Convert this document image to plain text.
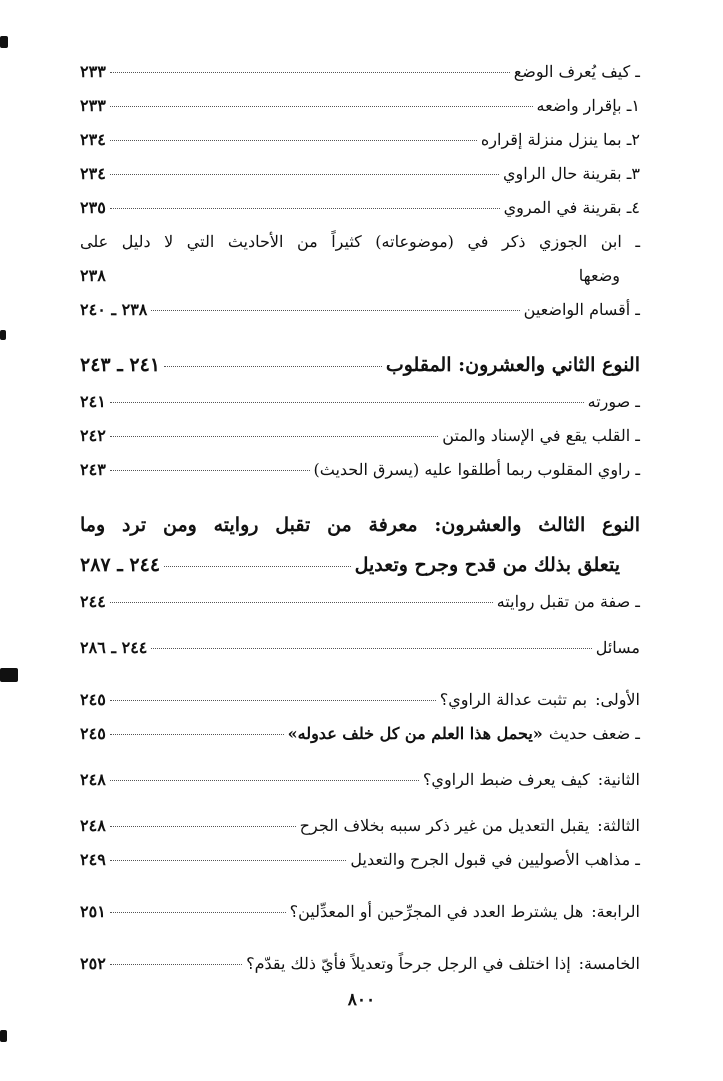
ـ كيف يُعرف الوضع
٢٣٣
١ـ بإقرار واضعه
٢٣٣
٢ـ بما ينزل منزلة إقراره
٢٣٤
٣ـ بقرينة حال الراوي
٢٣٤
٤ـ بقرينة في المروي
٢٣٥
ـ ابن الجوزي ذكر في (موضوعاته) كثيراً من الأحاديث التي لا دليل على
وضعها
٢٣٨
ـ أقسام الواضعين
٢٣٨ ـ ٢٤٠
النوع الثاني والعشرون: المقلوب
٢٤١ ـ ٢٤٣
ـ صورته
٢٤١
ـ القلب يقع في الإسناد والمتن
٢٤٢
ـ راوي المقلوب ربما أطلقوا عليه (يسرق الحديث)
٢٤٣
النوع الثالث والعشرون: معرفة من تقبل روايته ومن ترد وما
يتعلق بذلك من قدح وجرح وتعديل
٢٤٤ ـ ٢٨٧
ـ صفة من تقبل روايته
٢٤٤
مسائل
٢٤٤ ـ ٢٨٦
الأولى:
بم تثبت عدالة الراوي؟
٢٤٥
ـ ضعف حديث
«يحمل هذا العلم من كل خلف عدوله»
٢٤٥
الثانية:
كيف يعرف ضبط الراوي؟
٢٤٨
الثالثة:
يقبل التعديل من غير ذكر سببه بخلاف الجرح
٢٤٨
ـ مذاهب الأصوليين في قبول الجرح والتعديل
٢٤٩
الرابعة:
هل يشترط العدد في المجرِّحين أو المعدِّلين؟
٢٥١
الخامسة:
إذا اختلف في الرجل جرحاً وتعديلاً فأيّ ذلك يقدّم؟
٢٥٢
٨٠٠
